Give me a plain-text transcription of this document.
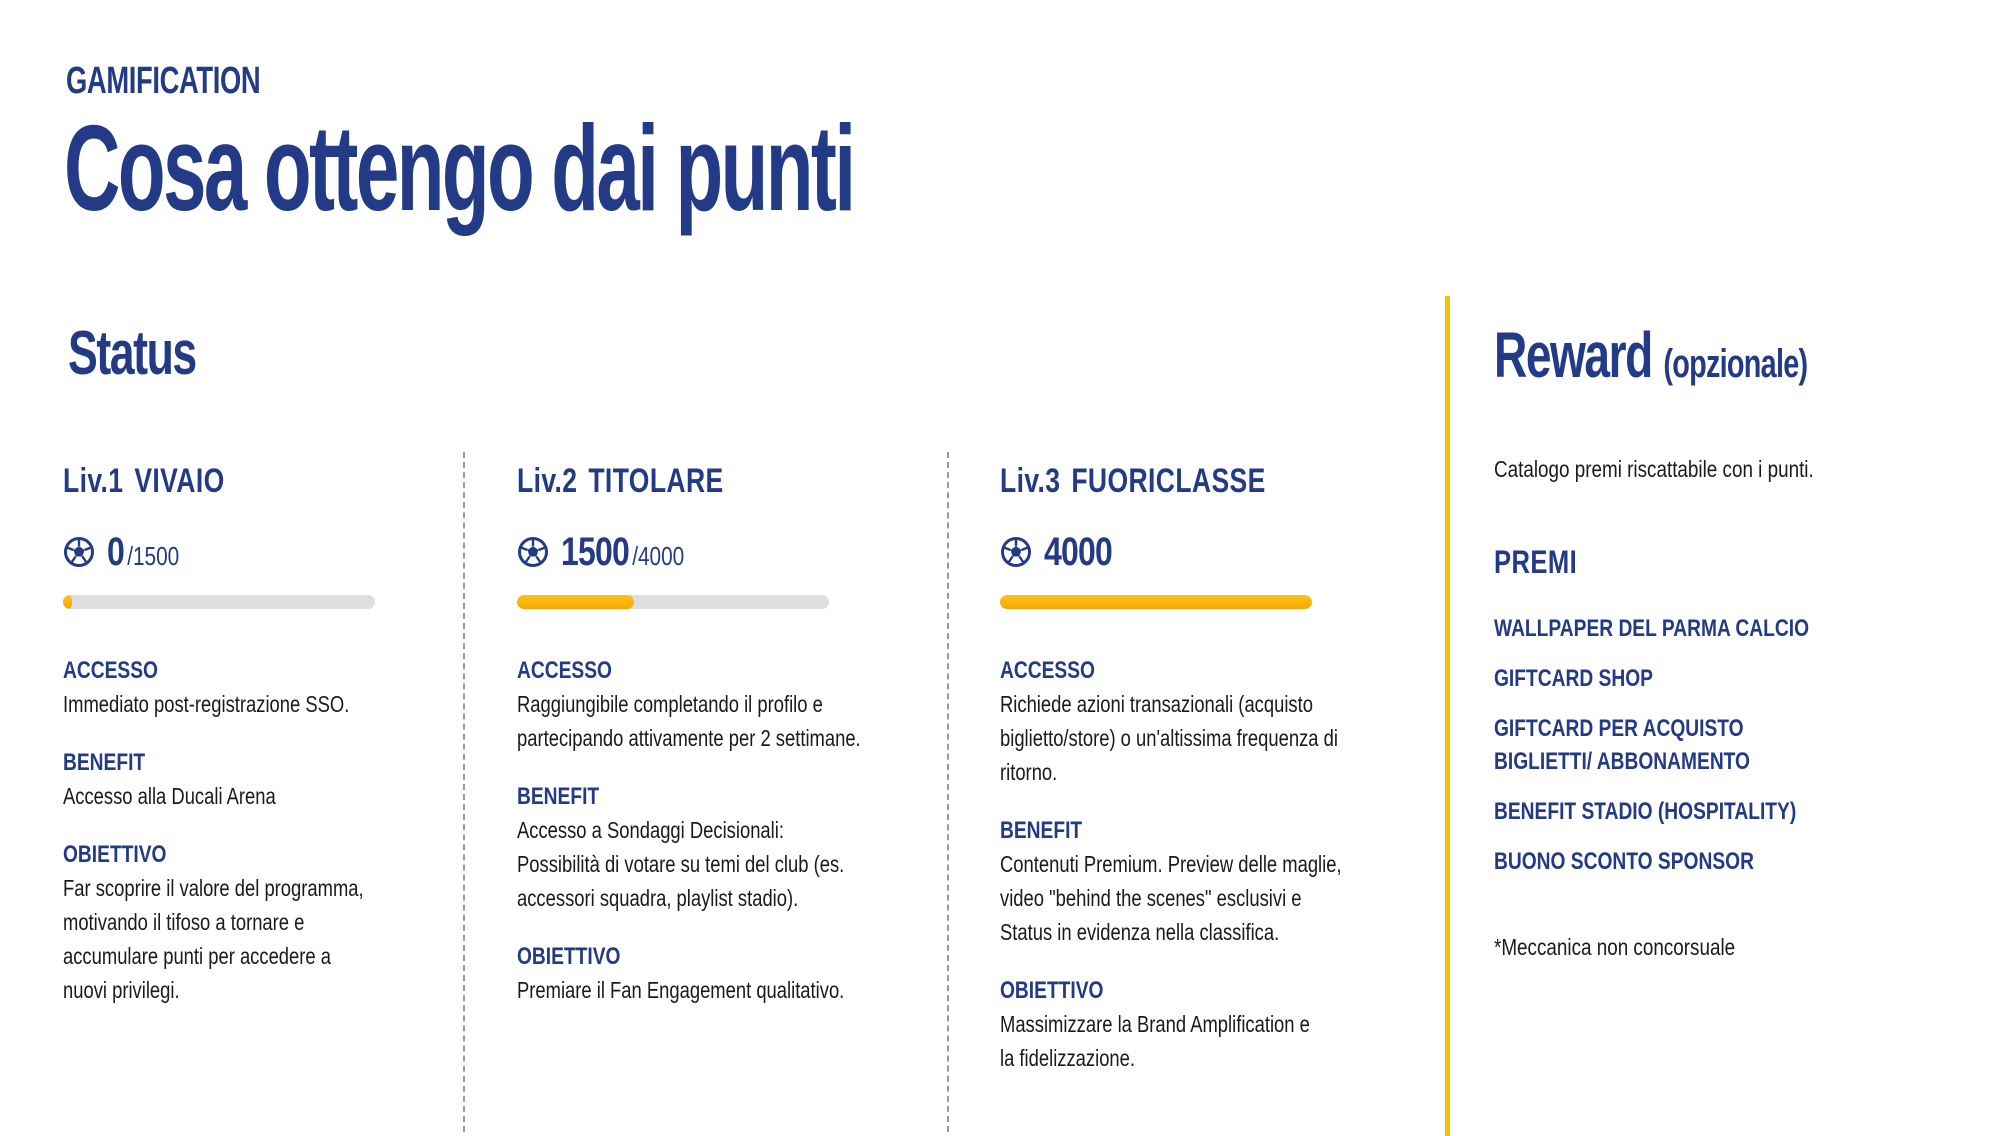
GAMIFICATION
Cosa ottengo dai punti
Status	Reward (opzionale)
Liv.1 VIVAIO
0 /1500
ACCESSO
Immediato post-registrazione SSO.
BENEFIT
Accesso alla Ducali Arena
OBIETTIVO
Far scoprire il valore del programma, motivando il tifoso a tornare e accumulare punti per accedere a nuovi privilegi.
Liv.2 TITOLARE
1500 /4000
ACCESSO
Raggiungibile completando il profilo e partecipando attivamente per 2 settimane.
BENEFIT
Accesso a Sondaggi Decisionali: Possibilità di votare su temi del club (es. accessori squadra, playlist stadio).
OBIETTIVO
Premiare il Fan Engagement qualitativo.
Liv.3 FUORICLASSE
4000
ACCESSO
Richiede azioni transazionali (acquisto biglietto/store) o un'altissima frequenza di ritorno.
BENEFIT
Contenuti Premium. Preview delle maglie, video "behind the scenes" esclusivi e Status in evidenza nella classifica.
OBIETTIVO
Massimizzare la Brand Amplification e la fidelizzazione.
Catalogo premi riscattabile con i punti.
PREMI
WALLPAPER DEL PARMA CALCIO
GIFTCARD SHOP
GIFTCARD PER ACQUISTO BIGLIETTI/ ABBONAMENTO
BENEFIT STADIO (HOSPITALITY)
BUONO SCONTO SPONSOR
*Meccanica non concorsuale
